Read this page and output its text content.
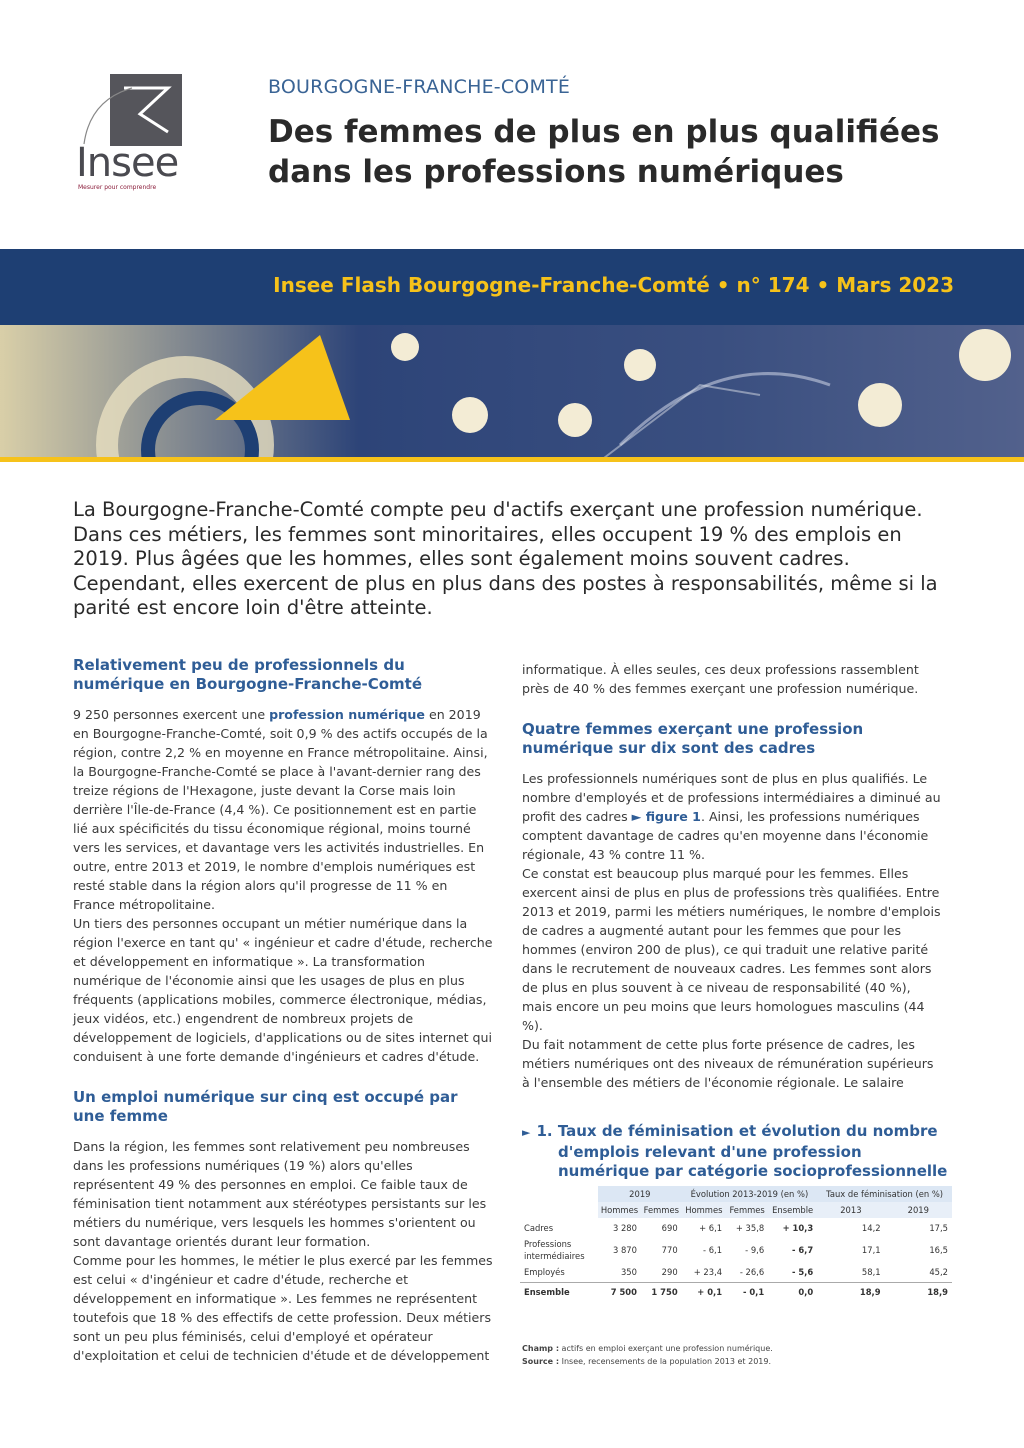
Insee
Mesurer pour comprendre
BOURGOGNE-FRANCHE-COMTÉ
Des femmes de plus en plus qualifiées dans les professions numériques
Insee Flash Bourgogne-Franche-Comté • n° 174 • Mars 2023

La Bourgogne-Franche-Comté compte peu d'actifs exerçant une profession numérique. Dans ces métiers, les femmes sont minoritaires, elles occupent 19 % des emplois en 2019. Plus âgées que les hommes, elles sont également moins souvent cadres. Cependant, elles exercent de plus en plus dans des postes à responsabilités, même si la parité est encore loin d'être atteinte.

Relativement peu de professionnels du numérique en Bourgogne-Franche-Comté

9 250 personnes exercent une profession numérique en 2019 en Bourgogne-Franche-Comté, soit 0,9 % des actifs occupés de la région, contre 2,2 % en moyenne en France métropolitaine. Ainsi, la Bourgogne-Franche-Comté se place à l'avant-dernier rang des treize régions de l'Hexagone, juste devant la Corse mais loin derrière l'Île-de-France (4,4 %). Ce positionnement est en partie lié aux spécificités du tissu économique régional, moins tourné vers les services, et davantage vers les activités industrielles. En outre, entre 2013 et 2019, le nombre d'emplois numériques est resté stable dans la région alors qu'il progresse de 11 % en France métropolitaine.

Un tiers des personnes occupant un métier numérique dans la région l'exerce en tant qu' « ingénieur et cadre d'étude, recherche et développement en informatique ». La transformation numérique de l'économie ainsi que les usages de plus en plus fréquents (applications mobiles, commerce électronique, médias, jeux vidéos, etc.) engendrent de nombreux projets de développement de logiciels, d'applications ou de sites internet qui conduisent à une forte demande d'ingénieurs et cadres d'étude.

Un emploi numérique sur cinq est occupé par une femme

Dans la région, les femmes sont relativement peu nombreuses dans les professions numériques (19 %) alors qu'elles représentent 49 % des personnes en emploi. Ce faible taux de féminisation tient notamment aux stéréotypes persistants sur les métiers du numérique, vers lesquels les hommes s'orientent ou sont davantage orientés durant leur formation.

Comme pour les hommes, le métier le plus exercé par les femmes est celui « d'ingénieur et cadre d'étude, recherche et développement en informatique ». Les femmes ne représentent toutefois que 18 % des effectifs de cette profession. Deux métiers sont un peu plus féminisés, celui d'employé et opérateur d'exploitation et celui de technicien d'étude et de développement

informatique. À elles seules, ces deux professions rassemblent près de 40 % des femmes exerçant une profession numérique.

Quatre femmes exerçant une profession numérique sur dix sont des cadres

Les professionnels numériques sont de plus en plus qualifiés. Le nombre d'employés et de professions intermédiaires a diminué au profit des cadres ► figure 1. Ainsi, les professions numériques comptent davantage de cadres qu'en moyenne dans l'économie régionale, 43 % contre 11 %.

Ce constat est beaucoup plus marqué pour les femmes. Elles exercent ainsi de plus en plus de professions très qualifiées. Entre 2013 et 2019, parmi les métiers numériques, le nombre d'emplois de cadres a augmenté autant pour les femmes que pour les hommes (environ 200 de plus), ce qui traduit une relative parité dans le recrutement de nouveaux cadres. Les femmes sont alors de plus en plus souvent à ce niveau de responsabilité (40 %), mais encore un peu moins que leurs homologues masculins (44 %).

Du fait notamment de cette plus forte présence de cadres, les métiers numériques ont des niveaux de rémunération supérieurs à l'ensemble des métiers de l'économie régionale. Le salaire

► 1. Taux de féminisation et évolution du nombre
d'emplois relevant d'une profession numérique par catégorie socioprofessionnelle
	2019		Évolution 2013-2019 (en %)			Taux de féminisation (en %)	
	Hommes	Femmes	Hommes	Femmes	Ensemble	2013	2019
Cadres	3 280	690	+ 6,1	+ 35,8	+ 10,3	14,2	17,5
Professions intermédiaires	3 870	770	- 6,1	- 9,6	- 6,7	17,1	16,5
Employés	350	290	+ 23,4	- 26,6	- 5,6	58,1	45,2
Ensemble	7 500	1 750	+ 0,1	- 0,1	0,0	18,9	18,9
Champ : actifs en emploi exerçant une profession numérique.
Source : Insee, recensements de la population 2013 et 2019.
